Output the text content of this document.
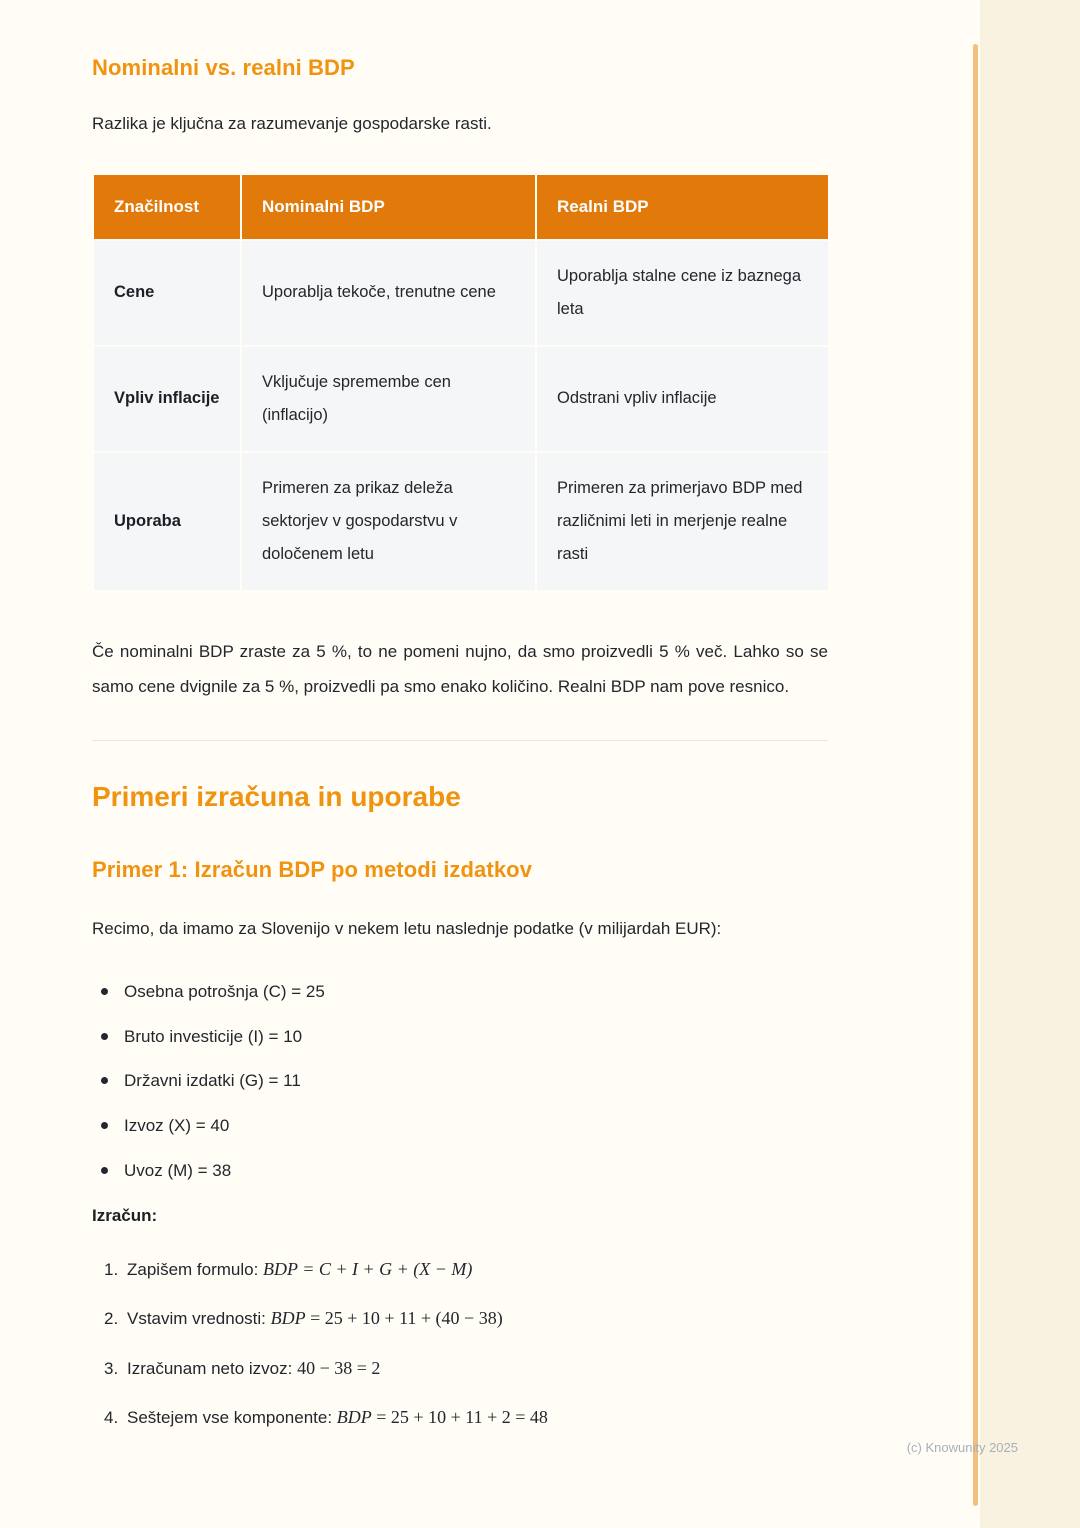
Nominalni vs. realni BDP

Razlika je ključna za razumevanje gospodarske rasti.

Značilnost	Nominalni BDP	Realni BDP
Cene	Uporablja tekoče, trenutne cene	Uporablja stalne cene iz baznega leta
Vpliv inflacije	Vključuje spremembe cen (inflacijo)	Odstrani vpliv inflacije
Uporaba	Primeren za prikaz deleža sektorjev v gospodarstvu v določenem letu	Primeren za primerjavo BDP med različnimi leti in merjenje realne rasti

Če nominalni BDP zraste za 5 %, to ne pomeni nujno, da smo proizvedli 5 % več. Lahko so se samo cene dvignile za 5 %, proizvedli pa smo enako količino. Realni BDP nam pove resnico.

Primeri izračuna in uporabe
Primer 1: Izračun BDP po metodi izdatkov

Recimo, da imamo za Slovenijo v nekem letu naslednje podatke (v milijardah EUR):

Osebna potrošnja (C) = 25
Bruto investicije (I) = 10
Državni izdatki (G) = 11
Izvoz (X) = 40
Uvoz (M) = 38

Izračun:

1. Zapišem formulo: BDP = C + I + G + (X − M)
2. Vstavim vrednosti: BDP = 25 + 10 + 11 + (40 − 38)
3. Izračunam neto izvoz: 40 − 38 = 2
4. Seštejem vse komponente: BDP = 25 + 10 + 11 + 2 = 48
(c) Knowunity 2025
